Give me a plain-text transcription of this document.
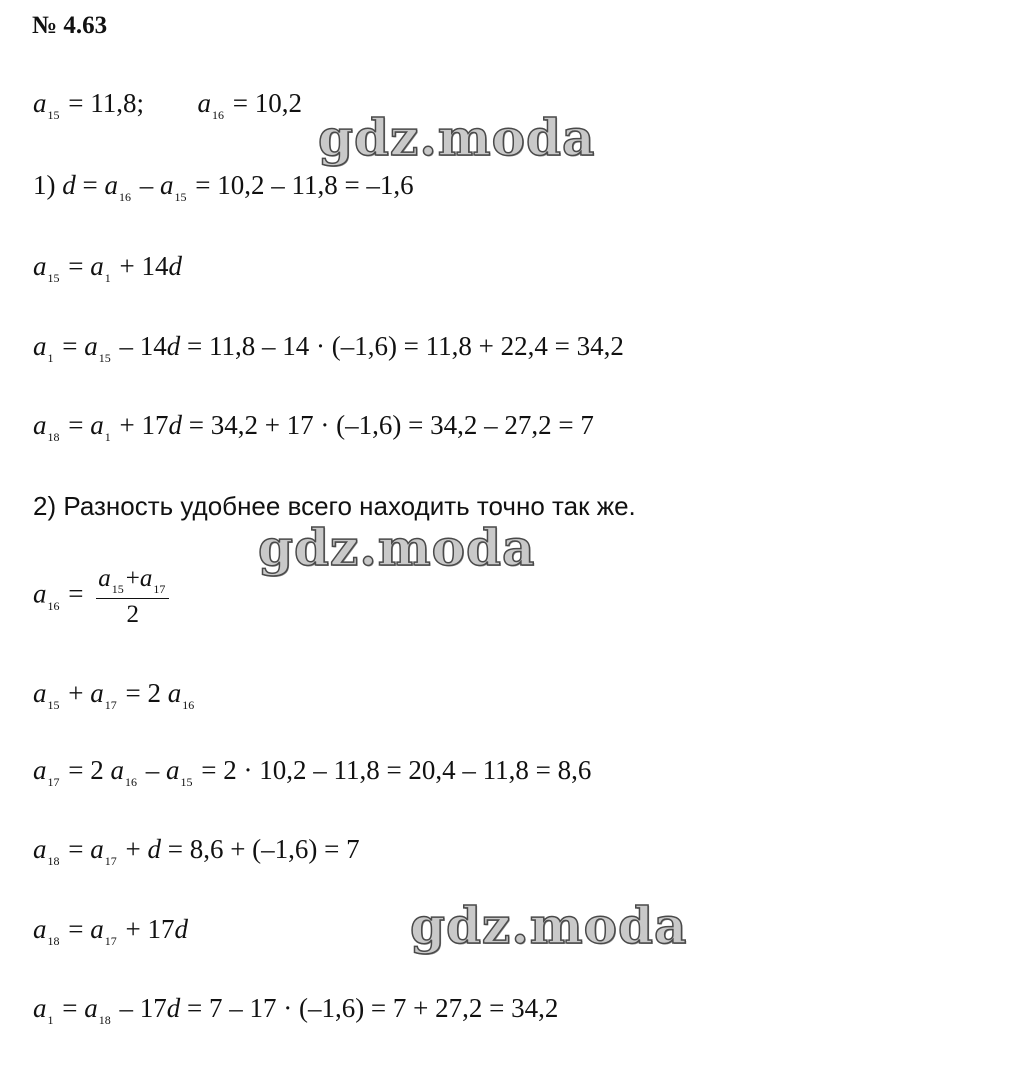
№ 4.63
gdz.moda
gdz.moda
gdz.moda
$a_{15} = 11,8$; $a_{16} = 10,2$
1) $d = a_{16} - a_{15} = 10,2 - 11,8 = -1,6$
$a_{15} = a_1 + 14d$
$a_1 = a_{15} - 14d = 11,8 - 14 \cdot (-1,6) = 11,8 + 22,4 = 34,2$
$a_{18} = a_1 + 17d = 34,2 + 17 \cdot (-1,6) = 34,2 - 27,2 = 7$
2) Разность удобнее всего находить точно так же.
$a_{16} = \frac{a_{15}+a_{17}}{2}$
$a_{15} + a_{17} = 2$ $a_{16}$
$a_{17} = 2$ $a_{16} - a_{15} = 2 \cdot 10,2 - 11,8 = 20,4 - 11,8 = 8,6$
$a_{18} = a_{17} + d = 8,6 + (-1,6) = 7$
$a_{18} = a_{17} + 17d$
$a_1 = a_{18} - 17d = 7 - 17 \cdot (-1,6) = 7 + 27,2 = 34,2$
